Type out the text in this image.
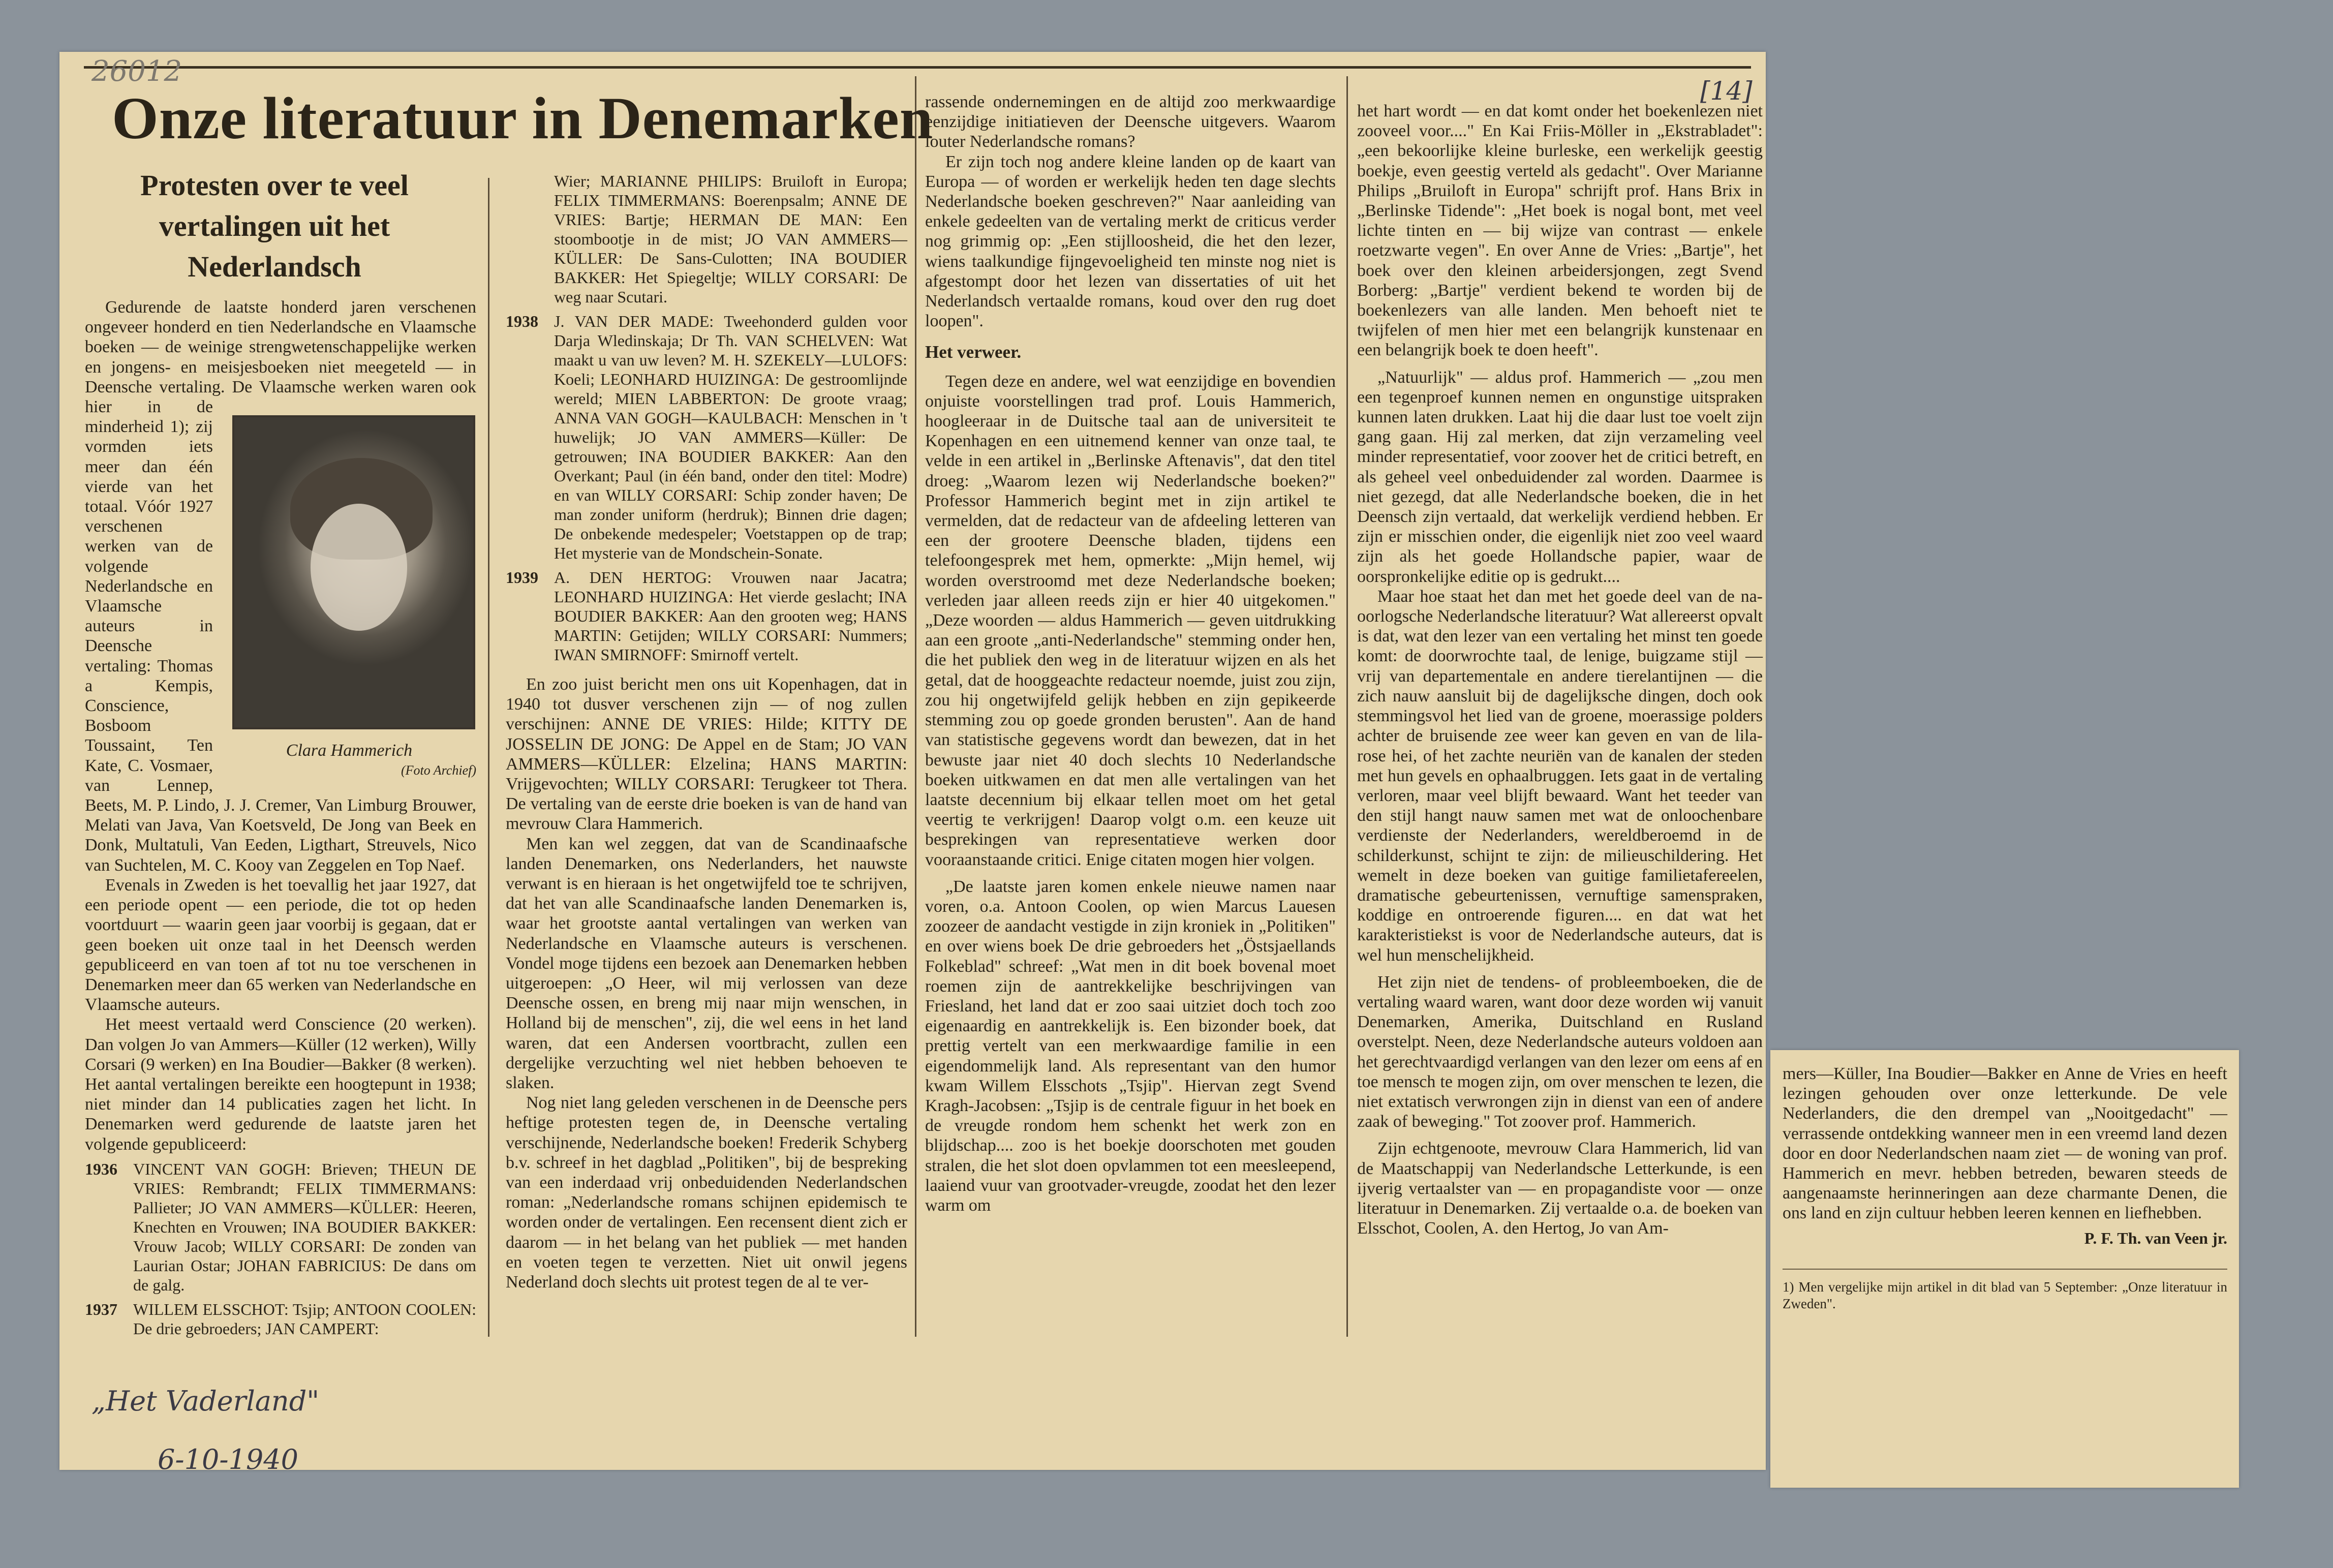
26012
[14]
„Het Vaderland"
6-10-1940
Onze literatuur in Denemarken
Protesten over te veel vertalingen uit het Nederlandsch
Clara Hammerich
(Foto Archief)

Gedurende de laatste honderd jaren verschenen ongeveer honderd en tien Nederlandsche en Vlaamsche boeken — de weinige strengwetenschappelijke werken en jongens- en meisjesboeken niet meegeteld — in Deensche vertaling. De Vlaamsche werken waren ook hier in de minderheid 1); zij vormden iets meer dan één vierde van het totaal. Vóór 1927 verschenen werken van de volgende Nederlandsche en Vlaamsche auteurs in Deensche vertaling: Thomas a Kempis, Conscience, Bosboom Toussaint, Ten Kate, C. Vosmaer, van Lennep, Beets, M. P. Lindo, J. J. Cremer, Van Limburg Brouwer, Melati van Java, Van Koetsveld, De Jong van Beek en Donk, Multatuli, Van Eeden, Ligthart, Streuvels, Nico van Suchtelen, M. C. Kooy van Zeggelen en Top Naef.

Evenals in Zweden is het toevallig het jaar 1927, dat een periode opent — een periode, die tot op heden voortduurt — waarin geen jaar voorbij is gegaan, dat er geen boeken uit onze taal in het Deensch werden gepubliceerd en van toen af tot nu toe verschenen in Denemarken meer dan 65 werken van Nederlandsche en Vlaamsche auteurs.

Het meest vertaald werd Conscience (20 werken). Dan volgen Jo van Ammers—Küller (12 werken), Willy Corsari (9 werken) en Ina Boudier—Bakker (8 werken). Het aantal vertalingen bereikte een hoogtepunt in 1938; niet minder dan 14 publicaties zagen het licht. In Denemarken werd gedurende de laatste jaren het volgende gepubliceerd:

1936 VINCENT VAN GOGH: Brieven; THEUN DE VRIES: Rembrandt; FELIX TIMMERMANS: Pallieter; JO VAN AMMERS—KÜLLER: Heeren, Knechten en Vrouwen; INA BOUDIER BAKKER: Vrouw Jacob; WILLY CORSARI: De zonden van Laurian Ostar; JOHAN FABRICIUS: De dans om de galg.
1937 WILLEM ELSSCHOT: Tsjip; ANTOON COOLEN: De drie gebroeders; JAN CAMPERT:
Wier; MARIANNE PHILIPS: Bruiloft in Europa; FELIX TIMMERMANS: Boerenpsalm; ANNE DE VRIES: Bartje; HERMAN DE MAN: Een stoombootje in de mist; JO VAN AMMERS—KÜLLER: De Sans-Culotten; INA BOUDIER BAKKER: Het Spiegeltje; WILLY CORSARI: De weg naar Scutari.
1938 J. VAN DER MADE: Tweehonderd gulden voor Darja Wledinskaja; Dr Th. VAN SCHELVEN: Wat maakt u van uw leven? M. H. SZEKELY—LULOFS: Koeli; LEONHARD HUIZINGA: De gestroomlijnde wereld; MIEN LABBERTON: De groote vraag; ANNA VAN GOGH—KAULBACH: Menschen in 't huwelijk; JO VAN AMMERS—Küller: De getrouwen; INA BOUDIER BAKKER: Aan den Overkant; Paul (in één band, onder den titel: Modre) en van WILLY CORSARI: Schip zonder haven; De man zonder uniform (herdruk); Binnen drie dagen; De onbekende medespeler; Voetstappen op de trap; Het mysterie van de Mondschein-Sonate.
1939 A. DEN HERTOG: Vrouwen naar Jacatra; LEONHARD HUIZINGA: Het vierde geslacht; INA BOUDIER BAKKER: Aan den grooten weg; HANS MARTIN: Getijden; WILLY CORSARI: Nummers; IWAN SMIRNOFF: Smirnoff vertelt.

En zoo juist bericht men ons uit Kopenhagen, dat in 1940 tot dusver verschenen zijn — of nog zullen verschijnen: ANNE DE VRIES: Hilde; KITTY DE JOSSELIN DE JONG: De Appel en de Stam; JO VAN AMMERS—KÜLLER: Elzelina; HANS MARTIN: Vrijgevochten; WILLY CORSARI: Terugkeer tot Thera. De vertaling van de eerste drie boeken is van de hand van mevrouw Clara Hammerich.

Men kan wel zeggen, dat van de Scandinaafsche landen Denemarken, ons Nederlanders, het nauwste verwant is en hieraan is het ongetwijfeld toe te schrijven, dat het van alle Scandinaafsche landen Denemarken is, waar het grootste aantal vertalingen van werken van Nederlandsche en Vlaamsche auteurs is verschenen. Vondel moge tijdens een bezoek aan Denemarken hebben uitgeroepen: „O Heer, wil mij verlossen van deze Deensche ossen, en breng mij naar mijn wenschen, in Holland bij de menschen", zij, die wel eens in het land waren, dat een Andersen voortbracht, zullen een dergelijke verzuchting wel niet hebben behoeven te slaken.

Nog niet lang geleden verschenen in de Deensche pers heftige protesten tegen de, in Deensche vertaling verschijnende, Nederlandsche boeken! Frederik Schyberg b.v. schreef in het dagblad „Politiken", bij de bespreking van een inderdaad vrij onbeduidenden Nederlandschen roman: „Nederlandsche romans schijnen epidemisch te worden onder de vertalingen. Een recensent dient zich er daarom — in het belang van het publiek — met handen en voeten tegen te verzetten. Niet uit onwil jegens Nederland doch slechts uit protest tegen de al te ver-

rassende ondernemingen en de altijd zoo merkwaardige eenzijdige initiatieven der Deensche uitgevers. Waarom louter Nederlandsche romans?

Er zijn toch nog andere kleine landen op de kaart van Europa — of worden er werkelijk heden ten dage slechts Nederlandsche boeken geschreven?" Naar aanleiding van enkele gedeelten van de vertaling merkt de criticus verder nog grimmig op: „Een stijlloosheid, die het den lezer, wiens taalkundige fijngevoeligheid ten minste nog niet is afgestompt door het lezen van dissertaties of uit het Nederlandsch vertaalde romans, koud over den rug doet loopen".

Het verweer.

Tegen deze en andere, wel wat eenzijdige en bovendien onjuiste voorstellingen trad prof. Louis Hammerich, hoogleeraar in de Duitsche taal aan de universiteit te Kopenhagen en een uitnemend kenner van onze taal, te velde in een artikel in „Berlinske Aftenavis", dat den titel droeg: „Waarom lezen wij Nederlandsche boeken?" Professor Hammerich begint met in zijn artikel te vermelden, dat de redacteur van de afdeeling letteren van een der grootere Deensche bladen, tijdens een telefoongesprek met hem, opmerkte: „Mijn hemel, wij worden overstroomd met deze Nederlandsche boeken; verleden jaar alleen reeds zijn er hier 40 uitgekomen." „Deze woorden — aldus Hammerich — geven uitdrukking aan een groote „anti-Nederlandsche" stemming onder hen, die het publiek den weg in de literatuur wijzen en als het getal, dat de hooggeachte redacteur noemde, juist zou zijn, zou hij ongetwijfeld gelijk hebben en zijn gepikeerde stemming zou op goede gronden berusten". Aan de hand van statistische gegevens wordt dan bewezen, dat in het bewuste jaar niet 40 doch slechts 10 Nederlandsche boeken uitkwamen en dat men alle vertalingen van het laatste decennium bij elkaar tellen moet om het getal veertig te verkrijgen! Daarop volgt o.m. een keuze uit besprekingen van representatieve werken door vooraanstaande critici. Enige citaten mogen hier volgen.

„De laatste jaren komen enkele nieuwe namen naar voren, o.a. Antoon Coolen, op wien Marcus Lauesen zoozeer de aandacht vestigde in zijn kroniek in „Politiken" en over wiens boek De drie gebroeders het „Östsjaellands Folkeblad" schreef: „Wat men in dit boek bovenal moet roemen zijn de aantrekkelijke beschrijvingen van Friesland, het land dat er zoo saai uitziet doch toch zoo eigenaardig en aantrekkelijk is. Een bizonder boek, dat prettig vertelt van een merkwaardige familie in een eigendommelijk land. Als representant van den humor kwam Willem Elsschots „Tsjip". Hiervan zegt Svend Kragh-Jacobsen: „Tsjip is de centrale figuur in het boek en de vreugde rondom hem schenkt het werk zon en blijdschap.... zoo is het boekje doorschoten met gouden stralen, die het slot doen opvlammen tot een meesleepend, laaiend vuur van grootvader-vreugde, zoodat het den lezer warm om

het hart wordt — en dat komt onder het boekenlezen niet zooveel voor...." En Kai Friis-Möller in „Ekstrabladet": „een bekoorlijke kleine burleske, een werkelijk geestig boekje, even geestig verteld als gedacht". Over Marianne Philips „Bruiloft in Europa" schrijft prof. Hans Brix in „Berlinske Tidende": „Het boek is nogal bont, met veel lichte tinten en — bij wijze van contrast — enkele roetzwarte vegen". En over Anne de Vries: „Bartje", het boek over den kleinen arbeidersjongen, zegt Svend Borberg: „Bartje" verdient bekend te worden bij de boekenlezers van alle landen. Men behoeft niet te twijfelen of men hier met een belangrijk kunstenaar en een belangrijk boek te doen heeft".

„Natuurlijk" — aldus prof. Hammerich — „zou men een tegenproef kunnen nemen en ongunstige uitspraken kunnen laten drukken. Laat hij die daar lust toe voelt zijn gang gaan. Hij zal merken, dat zijn verzameling veel minder representatief, voor zoover het de critici betreft, en als geheel veel onbeduidender zal worden. Daarmee is niet gezegd, dat alle Nederlandsche boeken, die in het Deensch zijn vertaald, dat werkelijk verdiend hebben. Er zijn er misschien onder, die eigenlijk niet zoo veel waard zijn als het goede Hollandsche papier, waar de oorspronkelijke editie op is gedrukt....

Maar hoe staat het dan met het goede deel van de na-oorlogsche Nederlandsche literatuur? Wat allereerst opvalt is dat, wat den lezer van een vertaling het minst ten goede komt: de doorwrochte taal, de lenige, buigzame stijl — vrij van departementale en andere tierelantijnen — die zich nauw aansluit bij de dagelijksche dingen, doch ook stemmingsvol het lied van de groene, moerassige polders achter de bruisende zee weer kan geven en van de lila-rose hei, of het zachte neuriën van de kanalen der steden met hun gevels en ophaalbruggen. Iets gaat in de vertaling verloren, maar veel blijft bewaard. Want het teeder van den stijl hangt nauw samen met wat de onloochenbare verdienste der Nederlanders, wereldberoemd in de schilderkunst, schijnt te zijn: de milieuschildering. Het wemelt in deze boeken van guitige familietafereelen, dramatische gebeurtenissen, vernuftige samenspraken, koddige en ontroerende figuren.... en dat wat het karakteristiekst is voor de Nederlandsche auteurs, dat is wel hun menschelijkheid.

Het zijn niet de tendens- of probleemboeken, die de vertaling waard waren, want door deze worden wij vanuit Denemarken, Amerika, Duitschland en Rusland overstelpt. Neen, deze Nederlandsche auteurs voldoen aan het gerechtvaardigd verlangen van den lezer om eens af en toe mensch te mogen zijn, om over menschen te lezen, die niet extatisch verwrongen zijn in dienst van een of andere zaak of beweging." Tot zoover prof. Hammerich.

Zijn echtgenoote, mevrouw Clara Hammerich, lid van de Maatschappij van Nederlandsche Letterkunde, is een ijverig vertaalster van — en propagandiste voor — onze literatuur in Denemarken. Zij vertaalde o.a. de boeken van Elsschot, Coolen, A. den Hertog, Jo van Am-

mers—Küller, Ina Boudier—Bakker en Anne de Vries en heeft lezingen gehouden over onze letterkunde. De vele Nederlanders, die den drempel van „Nooitgedacht" — verrassende ontdekking wanneer men in een vreemd land dezen door en door Nederlandschen naam ziet — de woning van prof. Hammerich en mevr. hebben betreden, bewaren steeds de aangenaamste herinneringen aan deze charmante Denen, die ons land en zijn cultuur hebben leeren kennen en liefhebben.

P. F. Th. van Veen jr.
1) Men vergelijke mijn artikel in dit blad van 5 September: „Onze literatuur in Zweden".
